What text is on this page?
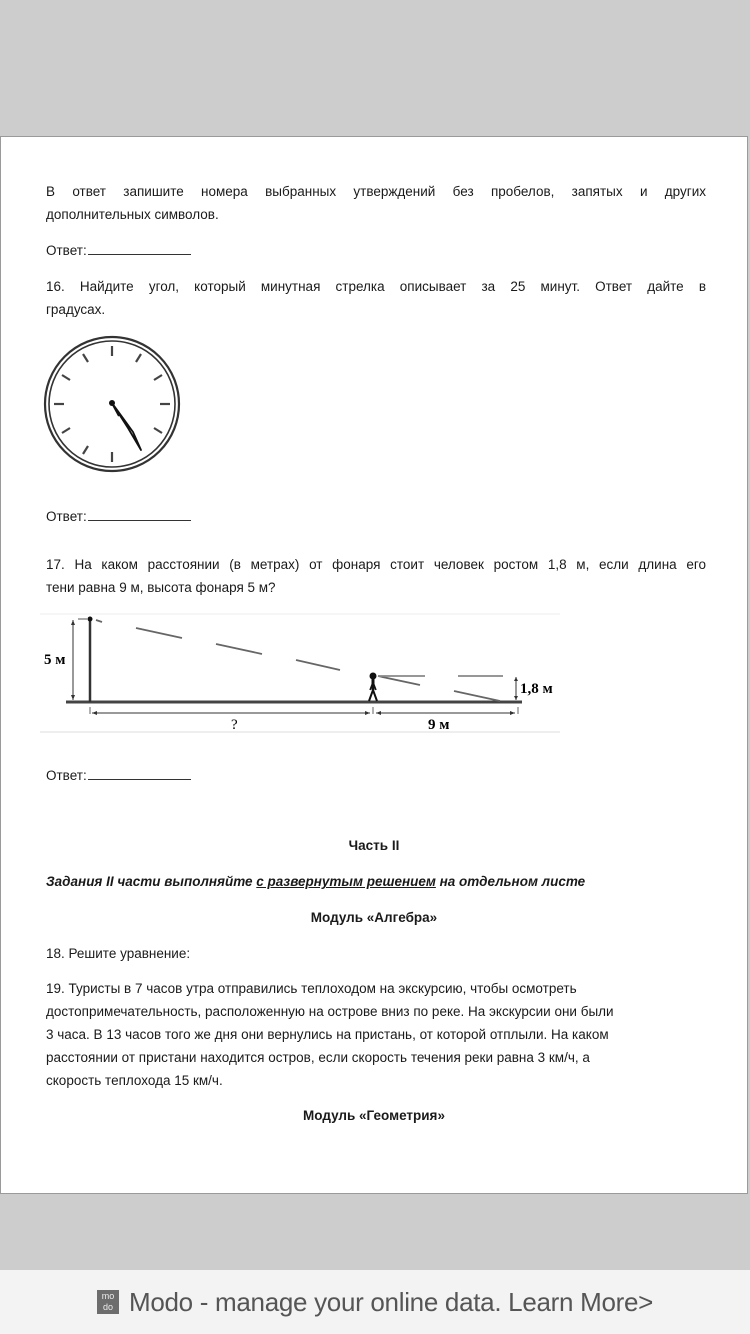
В ответ запишите номера выбранных утверждений без пробелов, запятых и других
дополнительных символов.
Ответ:
16. Найдите угол, который минутная стрелка описывает за 25 минут. Ответ дайте в
градусах.
Ответ:
17. На каком расстоянии (в метрах) от фонаря стоит человек ростом 1,8 м, если длина его
тени равна 9 м, высота фонаря 5 м?
5 м
1,8 м
?	9 м
Ответ:
Часть II
Задания II части выполняйте с развернутым решением на отдельном листе
Модуль «Алгебра»
18. Решите уравнение:
19. Туристы в 7 часов утра отправились теплоходом на экскурсию, чтобы осмотреть
достопримечательность, расположенную на острове вниз по реке. На экскурсии они были
3 часа. В 13 часов того же дня они вернулись на пристань, от которой отплыли. На каком
расстоянии от пристани находится остров, если скорость течения реки равна 3 км/ч, а
скорость теплохода 15 км/ч.
Модуль «Геометрия»
mo
do Modo - manage your online data. Learn More>
